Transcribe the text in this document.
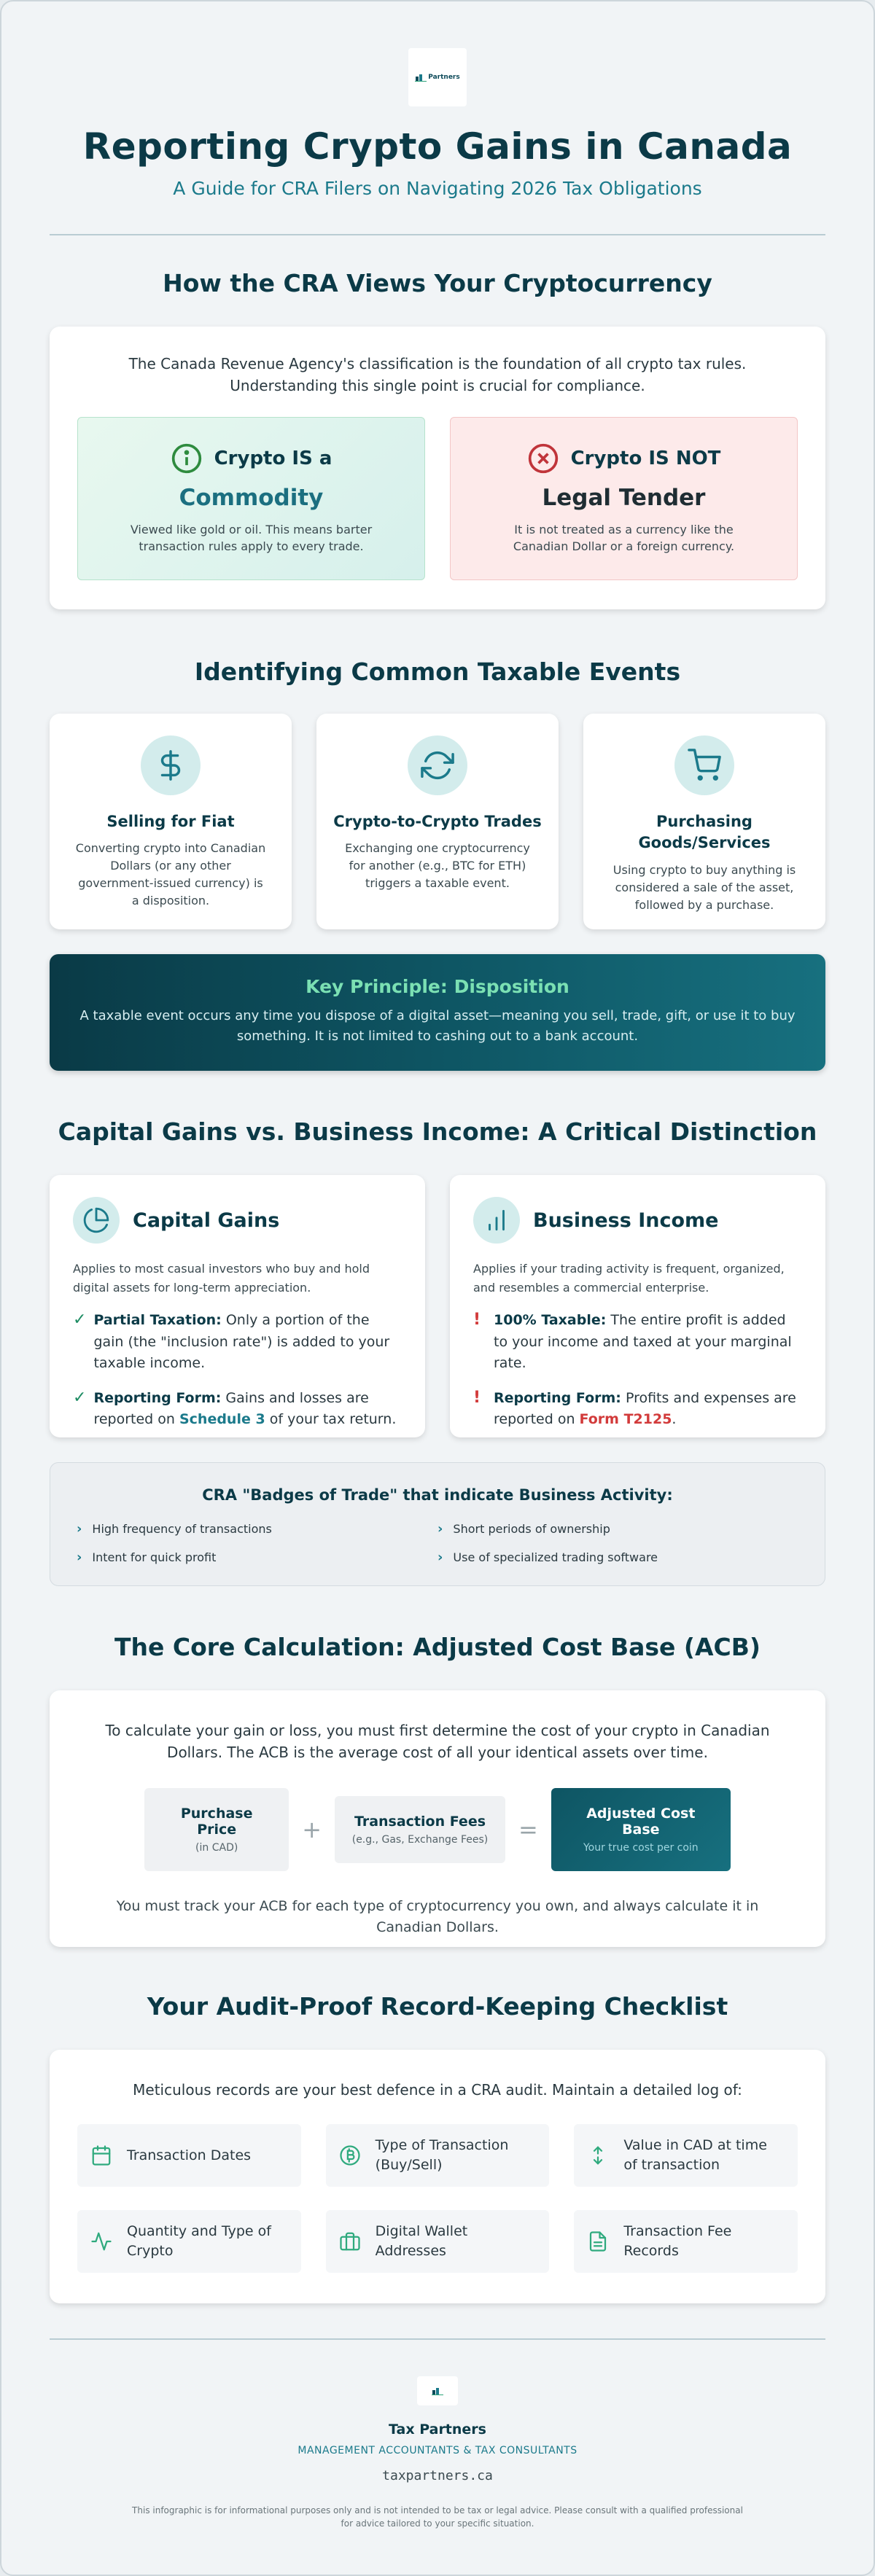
Partners
Reporting Crypto Gains in Canada
A Guide for CRA Filers on Navigating 2026 Tax Obligations
How the CRA Views Your Cryptocurrency

The Canada Revenue Agency's classification is the foundation of all crypto tax rules. Understanding this single point is crucial for compliance.

Crypto IS a
Commodity
Viewed like gold or oil. This means barter transaction rules apply to every trade.
Crypto IS NOT
Legal Tender
It is not treated as a currency like the Canadian Dollar or a foreign currency.
Identifying Common Taxable Events
Selling for Fiat
Converting crypto into Canadian Dollars (or any other government-issued currency) is a disposition.
Crypto-to-Crypto Trades
Exchanging one cryptocurrency for another (e.g., BTC for ETH) triggers a taxable event.
Purchasing Goods/Services
Using crypto to buy anything is considered a sale of the asset, followed by a purchase.
Key Principle: Disposition
A taxable event occurs any time you dispose of a digital asset—meaning you sell, trade, gift, or use it to buy something. It is not limited to cashing out to a bank account.
Capital Gains vs. Business Income: A Critical Distinction
Capital Gains
Applies to most casual investors who buy and hold digital assets for long-term appreciation.
✓ Partial Taxation: Only a portion of the gain (the "inclusion rate") is added to your taxable income.
✓ Reporting Form: Gains and losses are reported on Schedule 3 of your tax return.
Business Income
Applies if your trading activity is frequent, organized, and resembles a commercial enterprise.
! 100% Taxable: The entire profit is added to your income and taxed at your marginal rate.
! Reporting Form: Profits and expenses are reported on Form T2125.
CRA "Badges of Trade" that indicate Business Activity:
› High frequency of transactions	› Short periods of ownership
› Intent for quick profit	› Use of specialized trading software
The Core Calculation: Adjusted Cost Base (ACB)

To calculate your gain or loss, you must first determine the cost of your crypto in Canadian Dollars. The ACB is the average cost of all your identical assets over time.

Purchase Price
(in CAD)
+ Transaction Fees
(e.g., Gas, Exchange Fees) =
Adjusted Cost Base
Your true cost per coin

You must track your ACB for each type of cryptocurrency you own, and always calculate it in Canadian Dollars.

Your Audit-Proof Record-Keeping Checklist

Meticulous records are your best defence in a CRA audit. Maintain a detailed log of:

Transaction Dates
Type of Transaction (Buy/Sell)
Value in CAD at time of transaction
Quantity and Type of Crypto
Digital Wallet Addresses
Transaction Fee Records
Tax Partners
MANAGEMENT ACCOUNTANTS & TAX CONSULTANTS
taxpartners.ca
This infographic is for informational purposes only and is not intended to be tax or legal advice. Please consult with a qualified professional for advice tailored to your specific situation.
